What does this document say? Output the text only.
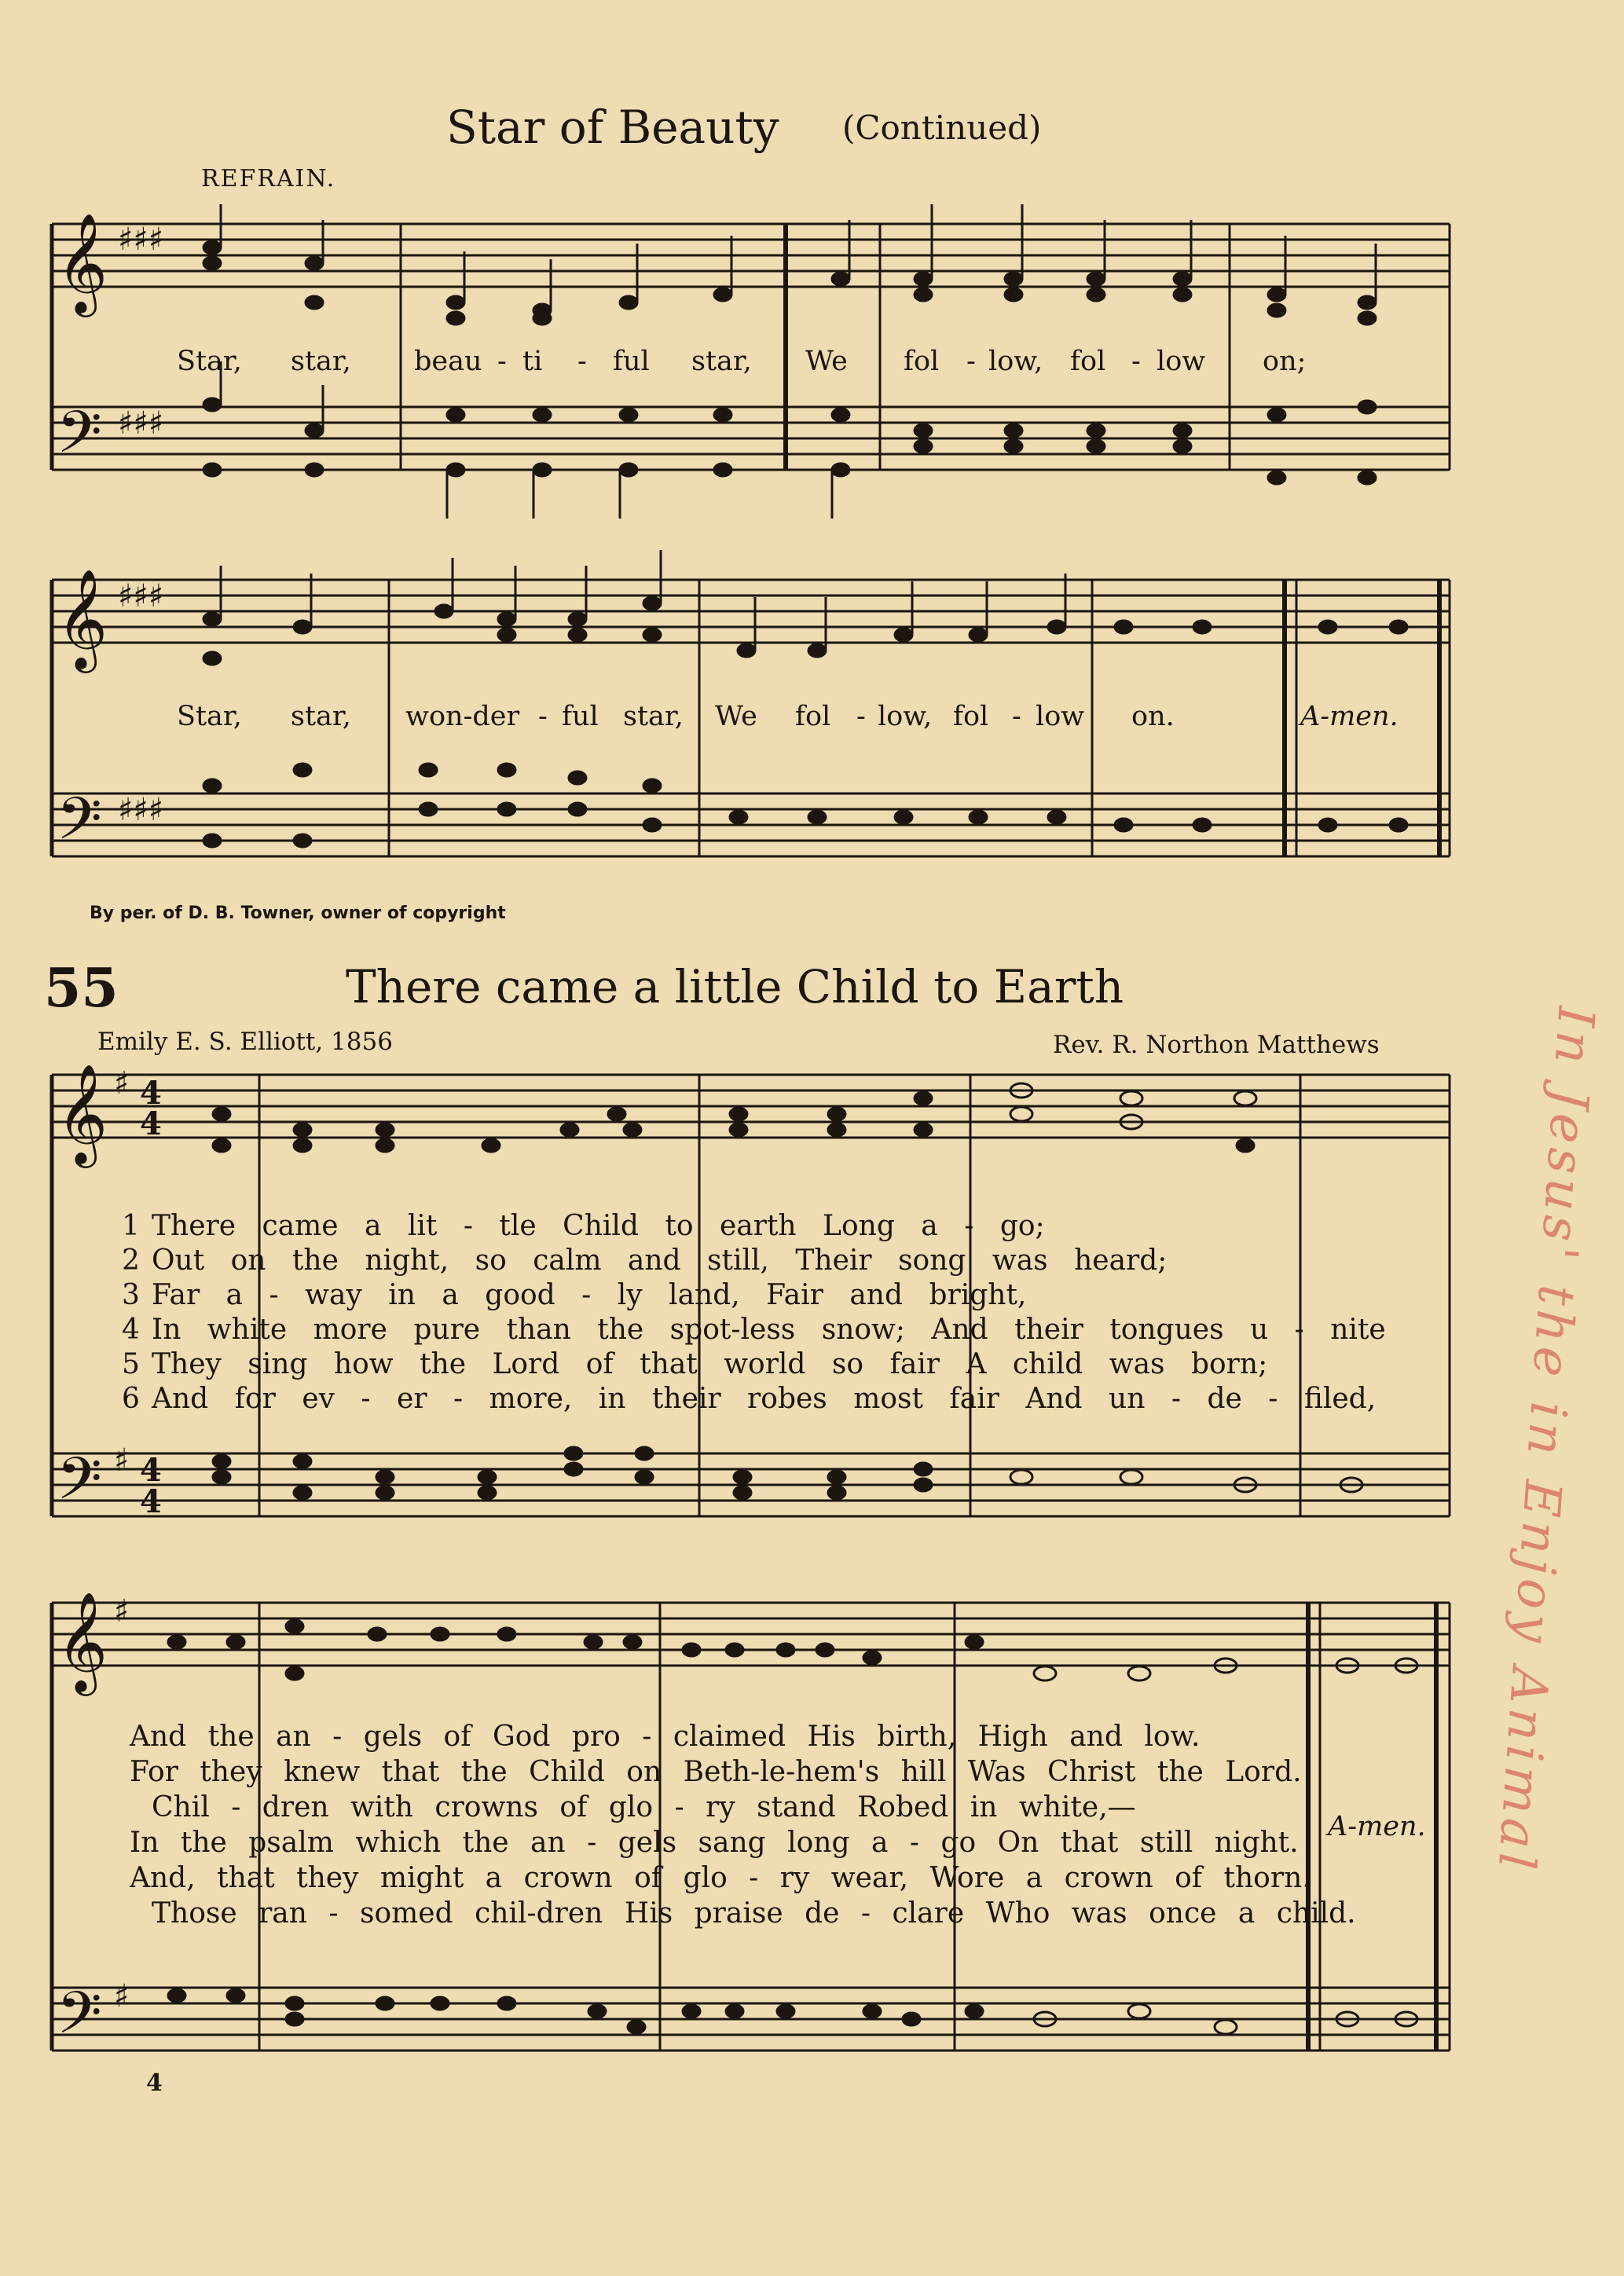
𝄞
𝄢
𝄞
𝄢
𝄞
𝄢
𝄞
𝄢
♯♯♯
♯♯♯
♯♯♯
♯♯♯
♯
♯
♯
♯
4
4
4
4
Star of Beauty (Continued)
REFRAIN.
Star, star, beau - ti - ful star, We fol - low, fol - low on;
Star, star, won-der - ful star, We fol - low, fol - low on.	A-men.
By per. of D. B. Towner, owner of copyright
55	There came a little Child to Earth
Emily E. S. Elliott, 1856	Rev. R. Northon Matthews
1 There came a lit - tle Child to earth Long a - go;
2 Out on the night, so calm and still, Their song was heard;
3 Far a - way in a good - ly land, Fair and bright,
4 In white more pure than the spot-less snow; And their tongues u - nite
5 They sing how the Lord of that world so fair A child was born;
6 And for ev - er - more, in their robes most fair And un - de - filed,
And the an - gels of God pro - claimed His birth, High and low.
For they knew that the Child on Beth-le-hem's hill Was Christ the Lord.
Chil - dren with crowns of glo - ry stand Robed in white,—
In the psalm which the an - gels sang long a - go On that still night.
And, that they might a crown of glo - ry wear, Wore a crown of thorn.
Those ran - somed chil-dren His praise de - clare Who was once a child.
A-men.
4
In Jesus' the in Enjoy Animal
